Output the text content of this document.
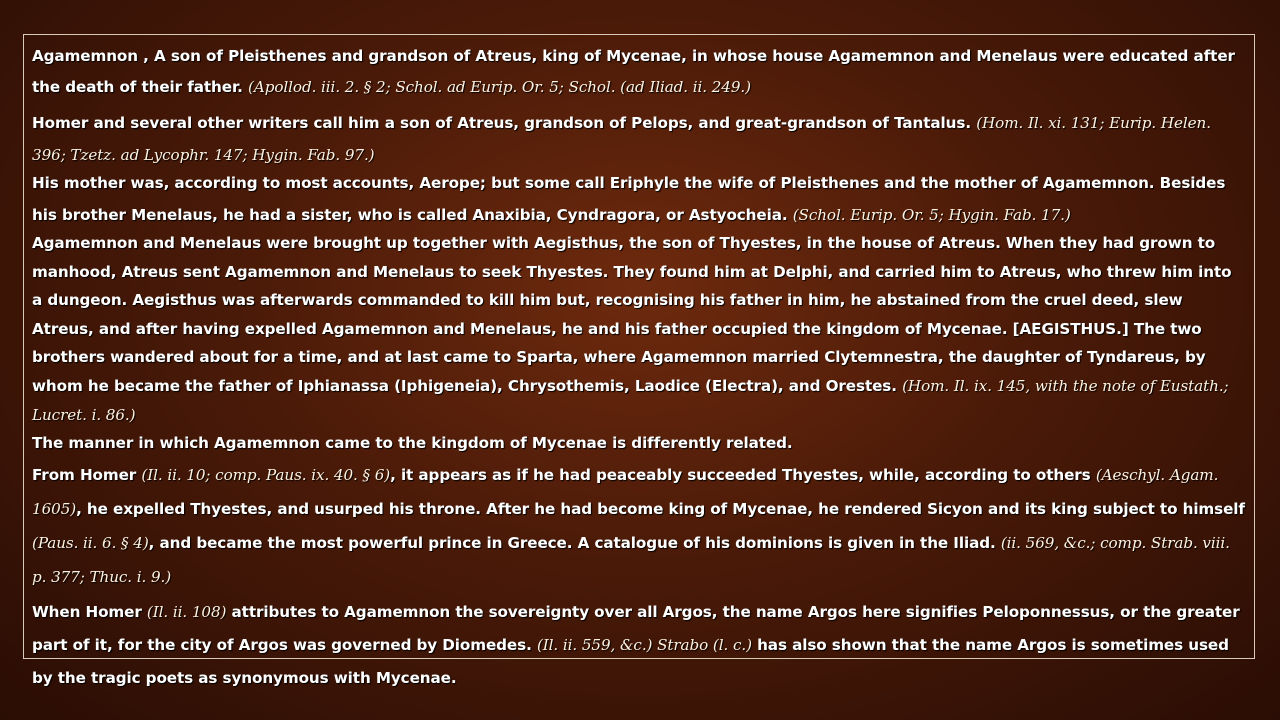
Agamemnon , A son of Pleisthenes and grandson of Atreus, king of Mycenae, in whose house Agamemnon and Menelaus were educated after the death of their father. (Apollod. iii. 2. § 2; Schol. ad Eurip. Or. 5; Schol. (ad Iliad. ii. 249.)

Homer and several other writers call him a son of Atreus, grandson of Pelops, and great-grandson of Tantalus. (Hom. Il. xi. 131; Eurip. Helen. 396; Tzetz. ad Lycophr. 147; Hygin. Fab. 97.)

His mother was, according to most accounts, Aerope; but some call Eriphyle the wife of Pleisthenes and the mother of Agamemnon. Besides his brother Menelaus, he had a sister, who is called Anaxibia, Cyndragora, or Astyocheia. (Schol. Eurip. Or. 5; Hygin. Fab. 17.)

Agamemnon and Menelaus were brought up together with Aegisthus, the son of Thyestes, in the house of Atreus. When they had grown to manhood, Atreus sent Agamemnon and Menelaus to seek Thyestes. They found him at Delphi, and carried him to Atreus, who threw him into a dungeon. Aegisthus was afterwards commanded to kill him but, recognising his father in him, he abstained from the cruel deed, slew Atreus, and after having expelled Agamemnon and Menelaus, he and his father occupied the kingdom of Mycenae. [AEGISTHUS.] The two brothers wandered about for a time, and at last came to Sparta, where Agamemnon married Clytemnestra, the daughter of Tyndareus, by whom he became the father of Iphianassa (Iphigeneia), Chrysothemis, Laodice (Electra), and Orestes. (Hom. Il. ix. 145, with the note of Eustath.; Lucret. i. 86.)

The manner in which Agamemnon came to the kingdom of Mycenae is differently related.

From Homer (Il. ii. 10; comp. Paus. ix. 40. § 6), it appears as if he had peaceably succeeded Thyestes, while, according to others (Aeschyl. Agam. 1605), he expelled Thyestes, and usurped his throne. After he had become king of Mycenae, he rendered Sicyon and its king subject to himself (Paus. ii. 6. § 4), and became the most powerful prince in Greece. A catalogue of his dominions is given in the Iliad. (ii. 569, &c.; comp. Strab. viii. p. 377; Thuc. i. 9.)

When Homer (Il. ii. 108) attributes to Agamemnon the sovereignty over all Argos, the name Argos here signifies Peloponnessus, or the greater part of it, for the city of Argos was governed by Diomedes. (Il. ii. 559, &c.) Strabo (l. c.) has also shown that the name Argos is sometimes used by the tragic poets as synonymous with Mycenae.
